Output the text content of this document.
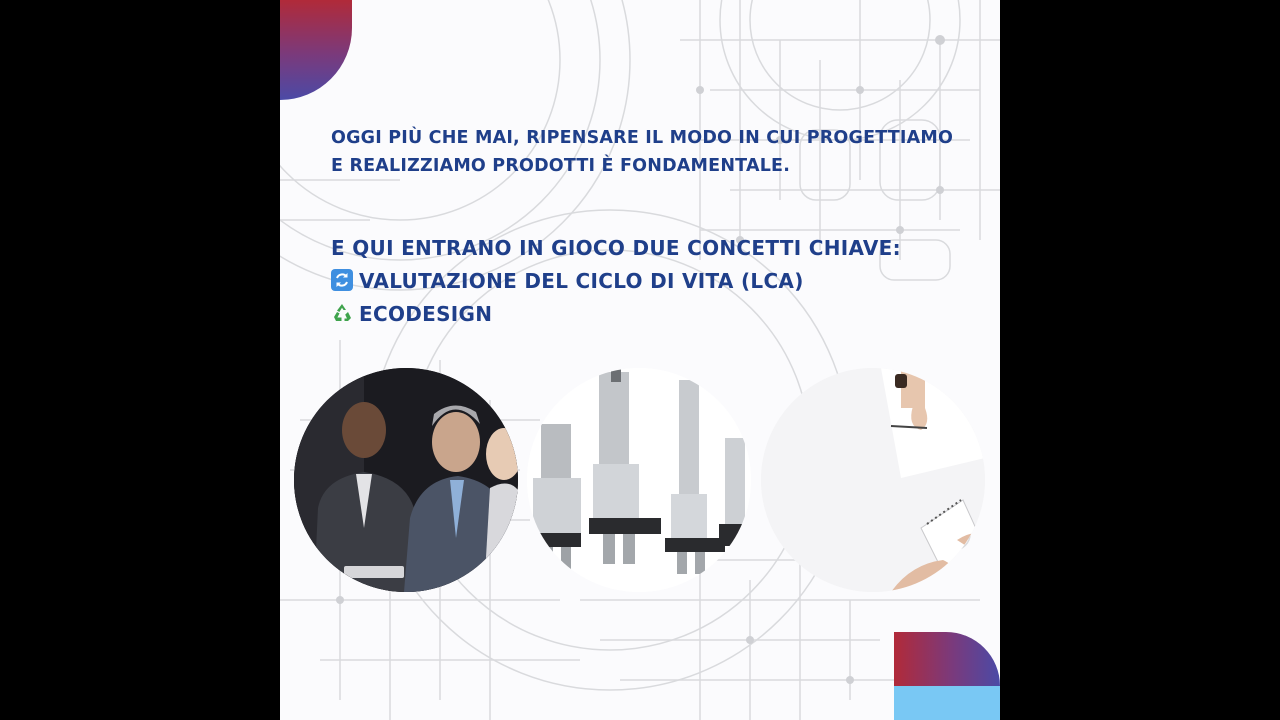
OGGI PIÙ CHE MAI, RIPENSARE IL MODO IN CUI PROGETTIAMO
E REALIZZIAMO PRODOTTI È FONDAMENTALE.
E QUI ENTRANO IN GIOCO DUE CONCETTI CHIAVE:
VALUTAZIONE DEL CICLO DI VITA (LCA)
ECODESIGN
